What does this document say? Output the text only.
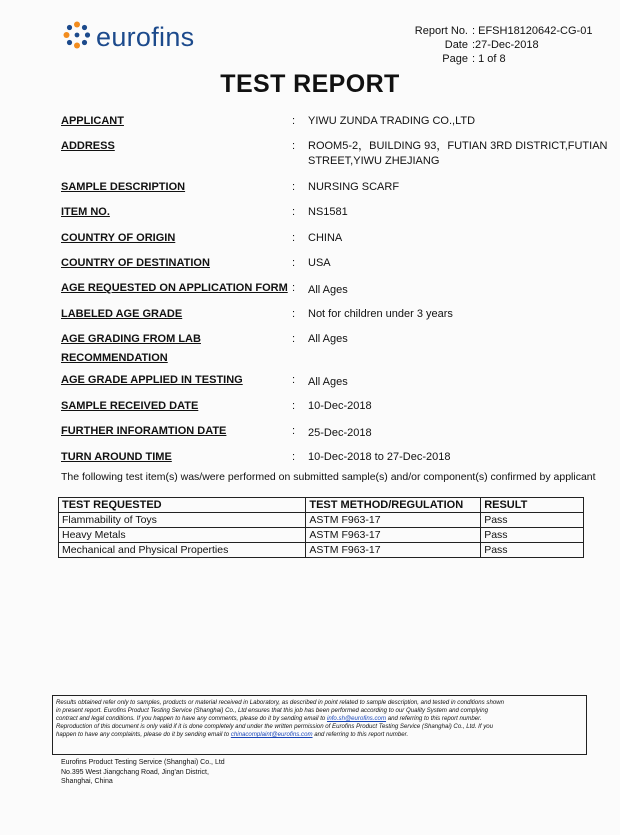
eurofins	Report No. : EFSH18120642-CG-01
Date :27-Dec-2018
Page : 1 of 8
TEST REPORT
APPLICANT	: YIWU ZUNDA TRADING CO.,LTD
ADDRESS	: ROOM5-2，BUILDING 93，FUTIAN 3RD DISTRICT,FUTIAN
STREET,YIWU ZHEJIANG
SAMPLE DESCRIPTION	: NURSING SCARF
ITEM NO.	: NS1581
COUNTRY OF ORIGIN	: CHINA
COUNTRY OF DESTINATION	: USA
AGE REQUESTED ON APPLICATION FORM : All Ages
LABELED AGE GRADE	: Not for children under 3 years
AGE GRADING FROM LAB
RECOMMENDATION
: All Ages
AGE GRADE APPLIED IN TESTING	: All Ages
SAMPLE RECEIVED DATE	: 10-Dec-2018
FURTHER INFORAMTION DATE	: 25-Dec-2018
TURN AROUND TIME	: 10-Dec-2018 to 27-Dec-2018
The following test item(s) was/were performed on submitted sample(s) and/or component(s) confirmed by applicant
TEST REQUESTED	TEST METHOD/REGULATION	RESULT
Flammability of Toys	ASTM F963-17	Pass
Heavy Metals	ASTM F963-17	Pass
Mechanical and Physical Properties	ASTM F963-17	Pass
Results obtained refer only to samples, products or material received in Laboratory, as described in point related to sample description, and tested in conditions shown
in present report. Eurofins Product Testing Service (Shanghai) Co., Ltd ensures that this job has been performed according to our Quality System and complying
contract and legal conditions. If you happen to have any comments, please do it by sending email to info.sh@eurofins.com and referring to this report number.
Reproduction of this document is only valid if it is done completely and under the written permission of Eurofins Product Testing Service (Shanghai) Co., Ltd. If you
happen to have any complaints, please do it by sending email to chinacomplaint@eurofins.com and referring to this report number.
Eurofins Product Testing Service (Shanghai) Co., Ltd
No.395 West Jiangchang Road, Jing'an District,
Shanghai, China
